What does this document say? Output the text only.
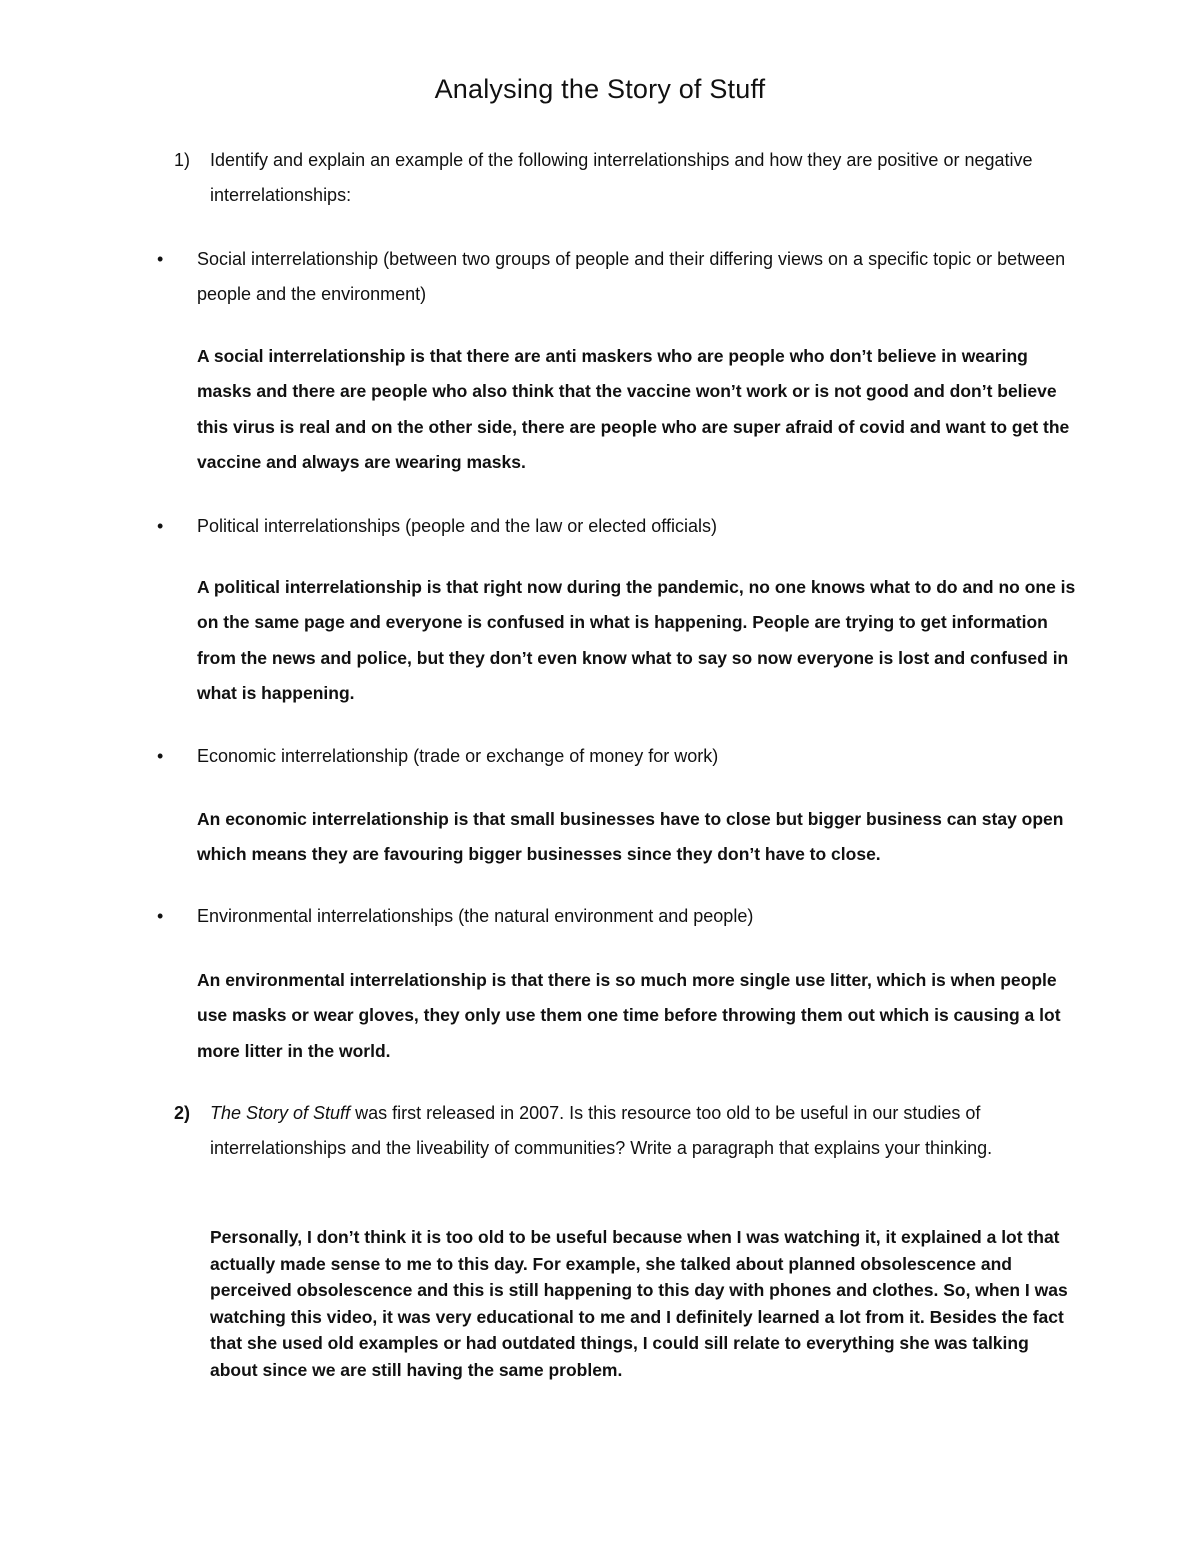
Analysing the Story of Stuff
1) Identify and explain an example of the following interrelationships and how they are positive or negative interrelationships:
• Social interrelationship (between two groups of people and their differing views on a specific topic or between people and the environment)
A social interrelationship is that there are anti maskers who are people who don’t believe in wearing masks and there are people who also think that the vaccine won’t work or is not good and don’t believe this virus is real and on the other side, there are people who are super afraid of covid and want to get the vaccine and always are wearing masks.
• Political interrelationships (people and the law or elected officials)
A political interrelationship is that right now during the pandemic, no one knows what to do and no one is on the same page and everyone is confused in what is happening. People are trying to get information from the news and police, but they don’t even know what to say so now everyone is lost and confused in what is happening.
• Economic interrelationship (trade or exchange of money for work)
An economic interrelationship is that small businesses have to close but bigger business can stay open which means they are favouring bigger businesses since they don’t have to close.
• Environmental interrelationships (the natural environment and people)
An environmental interrelationship is that there is so much more single use litter, which is when people use masks or wear gloves, they only use them one time before throwing them out which is causing a lot more litter in the world.
2) The Story of Stuff was first released in 2007. Is this resource too old to be useful in our studies of interrelationships and the liveability of communities? Write a paragraph that explains your thinking.
Personally, I don’t think it is too old to be useful because when I was watching it, it explained a lot that actually made sense to me to this day. For example, she talked about planned obsolescence and perceived obsolescence and this is still happening to this day with phones and clothes. So, when I was watching this video, it was very educational to me and I definitely learned a lot from it. Besides the fact that she used old examples or had outdated things, I could sill relate to everything she was talking about since we are still having the same problem.
